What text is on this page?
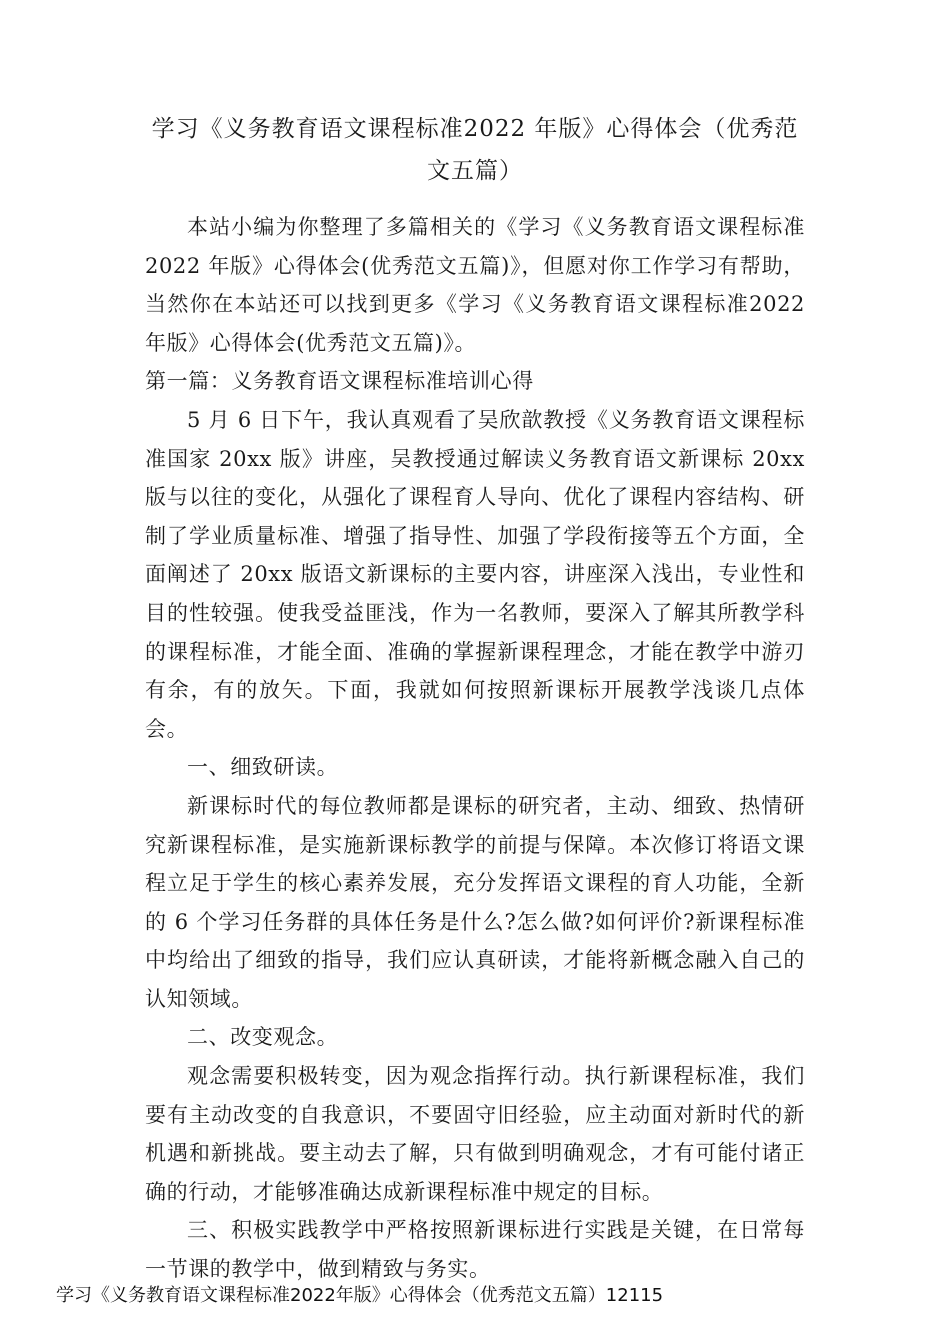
学习《义务教育语文课程标准2022 年版》心得体会（优秀范文五篇）

本站小编为你整理了多篇相关的《学习《义务教育语文课程标准 2022 年版》心得体会(优秀范文五篇)》，但愿对你工作学习有帮助，当然你在本站还可以找到更多《学习《义务教育语文课程标准2022 年版》心得体会(优秀范文五篇)》。

第一篇：义务教育语文课程标准培训心得

5 月 6 日下午，我认真观看了吴欣歆教授《义务教育语文课程标准国家 20xx 版》讲座，吴教授通过解读义务教育语文新课标 20xx 版与以往的变化，从强化了课程育人导向、优化了课程内容结构、研制了学业质量标准、增强了指导性、加强了学段衔接等五个方面，全面阐述了 20xx 版语文新课标的主要内容，讲座深入浅出，专业性和目的性较强。使我受益匪浅，作为一名教师，要深入了解其所教学科的课程标准，才能全面、准确的掌握新课程理念，才能在教学中游刃有余，有的放矢。下面，我就如何按照新课标开展教学浅谈几点体会。

一、细致研读。

新课标时代的每位教师都是课标的研究者，主动、细致、热情研究新课程标准，是实施新课标教学的前提与保障。本次修订将语文课程立足于学生的核心素养发展，充分发挥语文课程的育人功能，全新的 6 个学习任务群的具体任务是什么?怎么做?如何评价?新课程标准中均给出了细致的指导，我们应认真研读，才能将新概念融入自己的认知领域。

二、改变观念。

观念需要积极转变，因为观念指挥行动。执行新课程标准，我们要有主动改变的自我意识，不要固守旧经验，应主动面对新时代的新机遇和新挑战。要主动去了解，只有做到明确观念，才有可能付诸正确的行动，才能够准确达成新课程标准中规定的目标。

三、积极实践教学中严格按照新课标进行实践是关键，在日常每一节课的教学中，做到精致与务实。

学习《义务教育语文课程标准2022年版》心得体会（优秀范文五篇）12115
